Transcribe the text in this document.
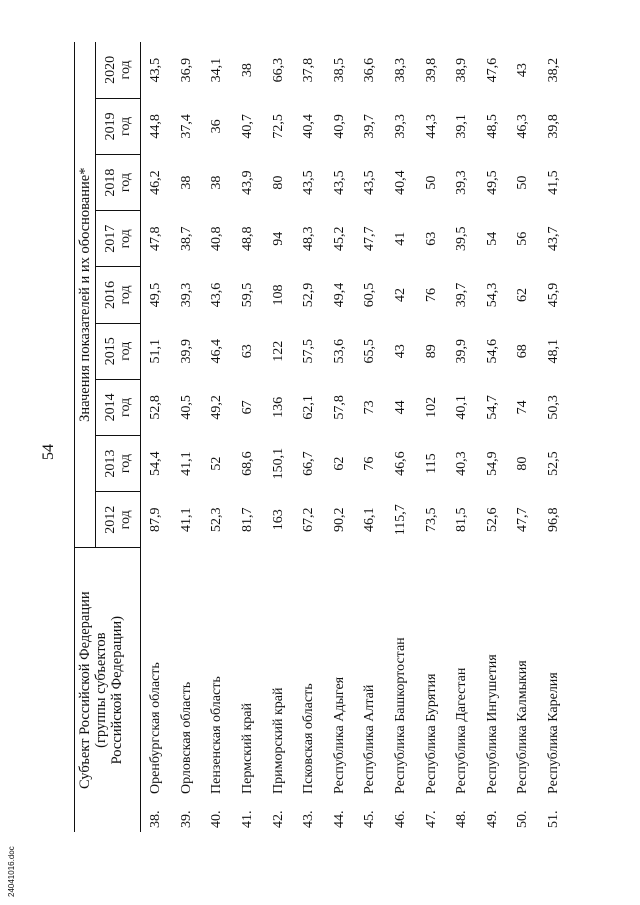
54
Субъект Российской Федерации (группы субъектов Российской Федерации)		Значения показателей и их обоснование*								

		2012 год	2013 год	2014 год	2015 год	2016 год	2017 год	2018 год	2019 год	2020 год

38.	Оренбургская область	87,9	54,4	52,8	51,1	49,5	47,8	46,2	44,8	43,5
39.	Орловская область	41,1	41,1	40,5	39,9	39,3	38,7	38	37,4	36,9
40.	Пензенская область	52,3	52	49,2	46,4	43,6	40,8	38	36	34,1
41.	Пермский край	81,7	68,6	67	63	59,5	48,8	43,9	40,7	38
42.	Приморский край	163	150,1	136	122	108	94	80	72,5	66,3
43.	Псковская область	67,2	66,7	62,1	57,5	52,9	48,3	43,5	40,4	37,8
44.	Республика Адыгея	90,2	62	57,8	53,6	49,4	45,2	43,5	40,9	38,5
45.	Республика Алтай	46,1	76	73	65,5	60,5	47,7	43,5	39,7	36,6
46.	Республика Башкортостан	115,7	46,6	44	43	42	41	40,4	39,3	38,3
47.	Республика Бурятия	73,5	115	102	89	76	63	50	44,3	39,8
48.	Республика Дагестан	81,5	40,3	40,1	39,9	39,7	39,5	39,3	39,1	38,9
49.	Республика Ингушетия	52,6	54,9	54,7	54,6	54,3	54	49,5	48,5	47,6
50.	Республика Калмыкия	47,7	80	74	68	62	56	50	46,3	43
51.	Республика Карелия	96,8	52,5	50,3	48,1	45,9	43,7	41,5	39,8	38,2
24041016.doc
